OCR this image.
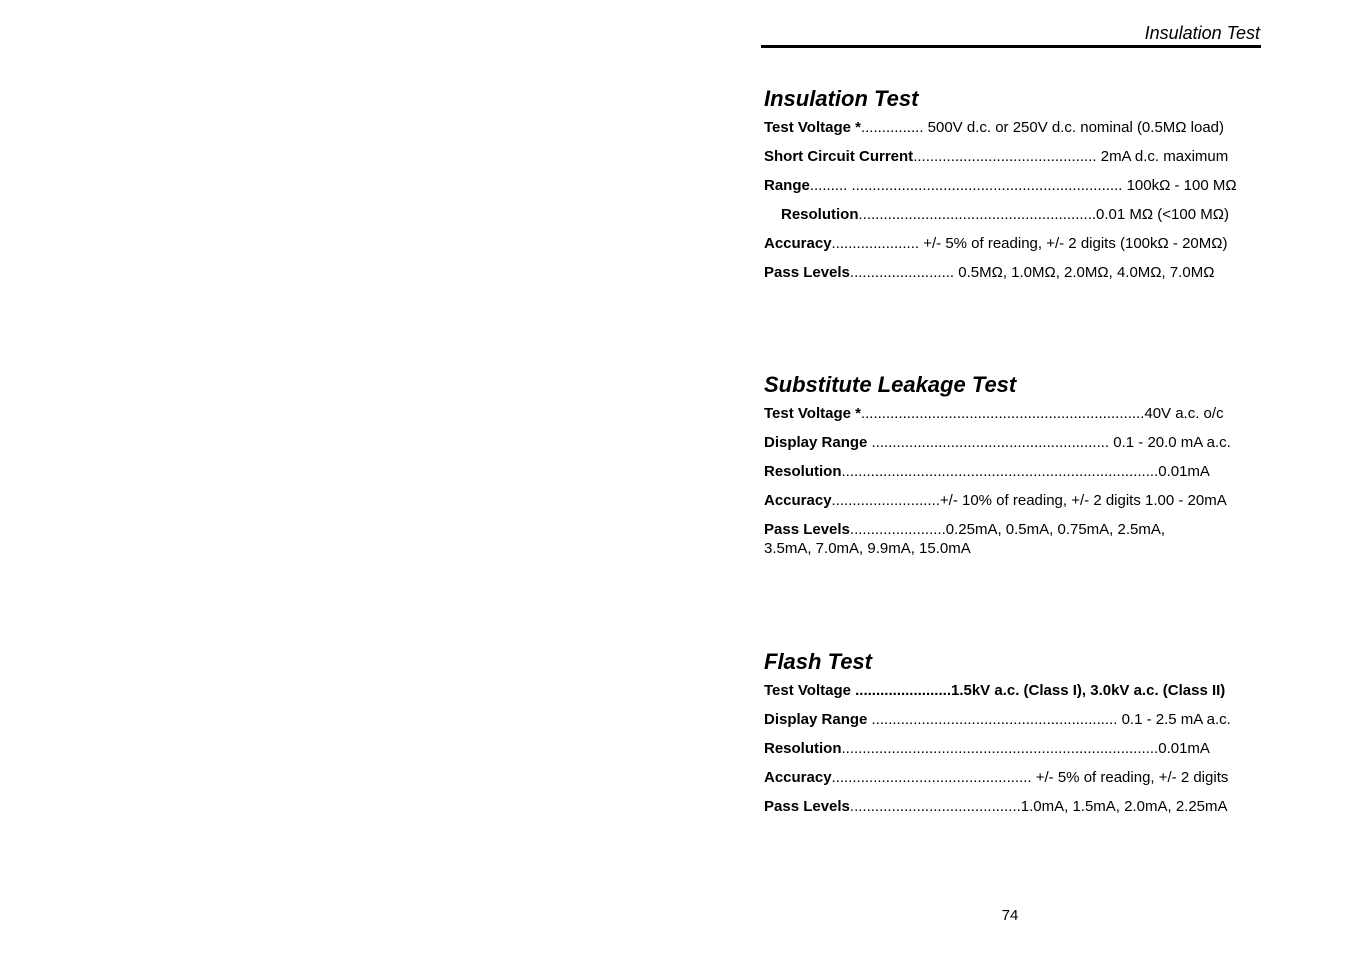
Insulation Test
Insulation Test
Test Voltage *............... 500V d.c. or 250V d.c. nominal (0.5MΩ load)
Short Circuit Current............................................ 2mA d.c. maximum
Range......... ................................................................. 100kΩ - 100 MΩ
Resolution.........................................................0.01 MΩ (<100 MΩ)
Accuracy..................... +/- 5% of reading, +/- 2 digits (100kΩ - 20MΩ)
Pass Levels......................... 0.5MΩ, 1.0MΩ, 2.0MΩ, 4.0MΩ, 7.0MΩ
Substitute Leakage Test
Test Voltage *....................................................................40V a.c. o/c
Display Range ......................................................... 0.1 - 20.0 mA a.c.
Resolution............................................................................0.01mA
Accuracy..........................+/- 10% of reading, +/- 2 digits 1.00 - 20mA
Pass Levels.......................0.25mA, 0.5mA, 0.75mA, 2.5mA, 3.5mA, 7.0mA, 9.9mA, 15.0mA
Flash Test
Test Voltage .......................1.5kV a.c. (Class I), 3.0kV a.c. (Class II)
Display Range ........................................................... 0.1 - 2.5 mA a.c.
Resolution............................................................................0.01mA
Accuracy................................................ +/- 5% of reading, +/- 2 digits
Pass Levels.........................................1.0mA, 1.5mA, 2.0mA, 2.25mA
74
